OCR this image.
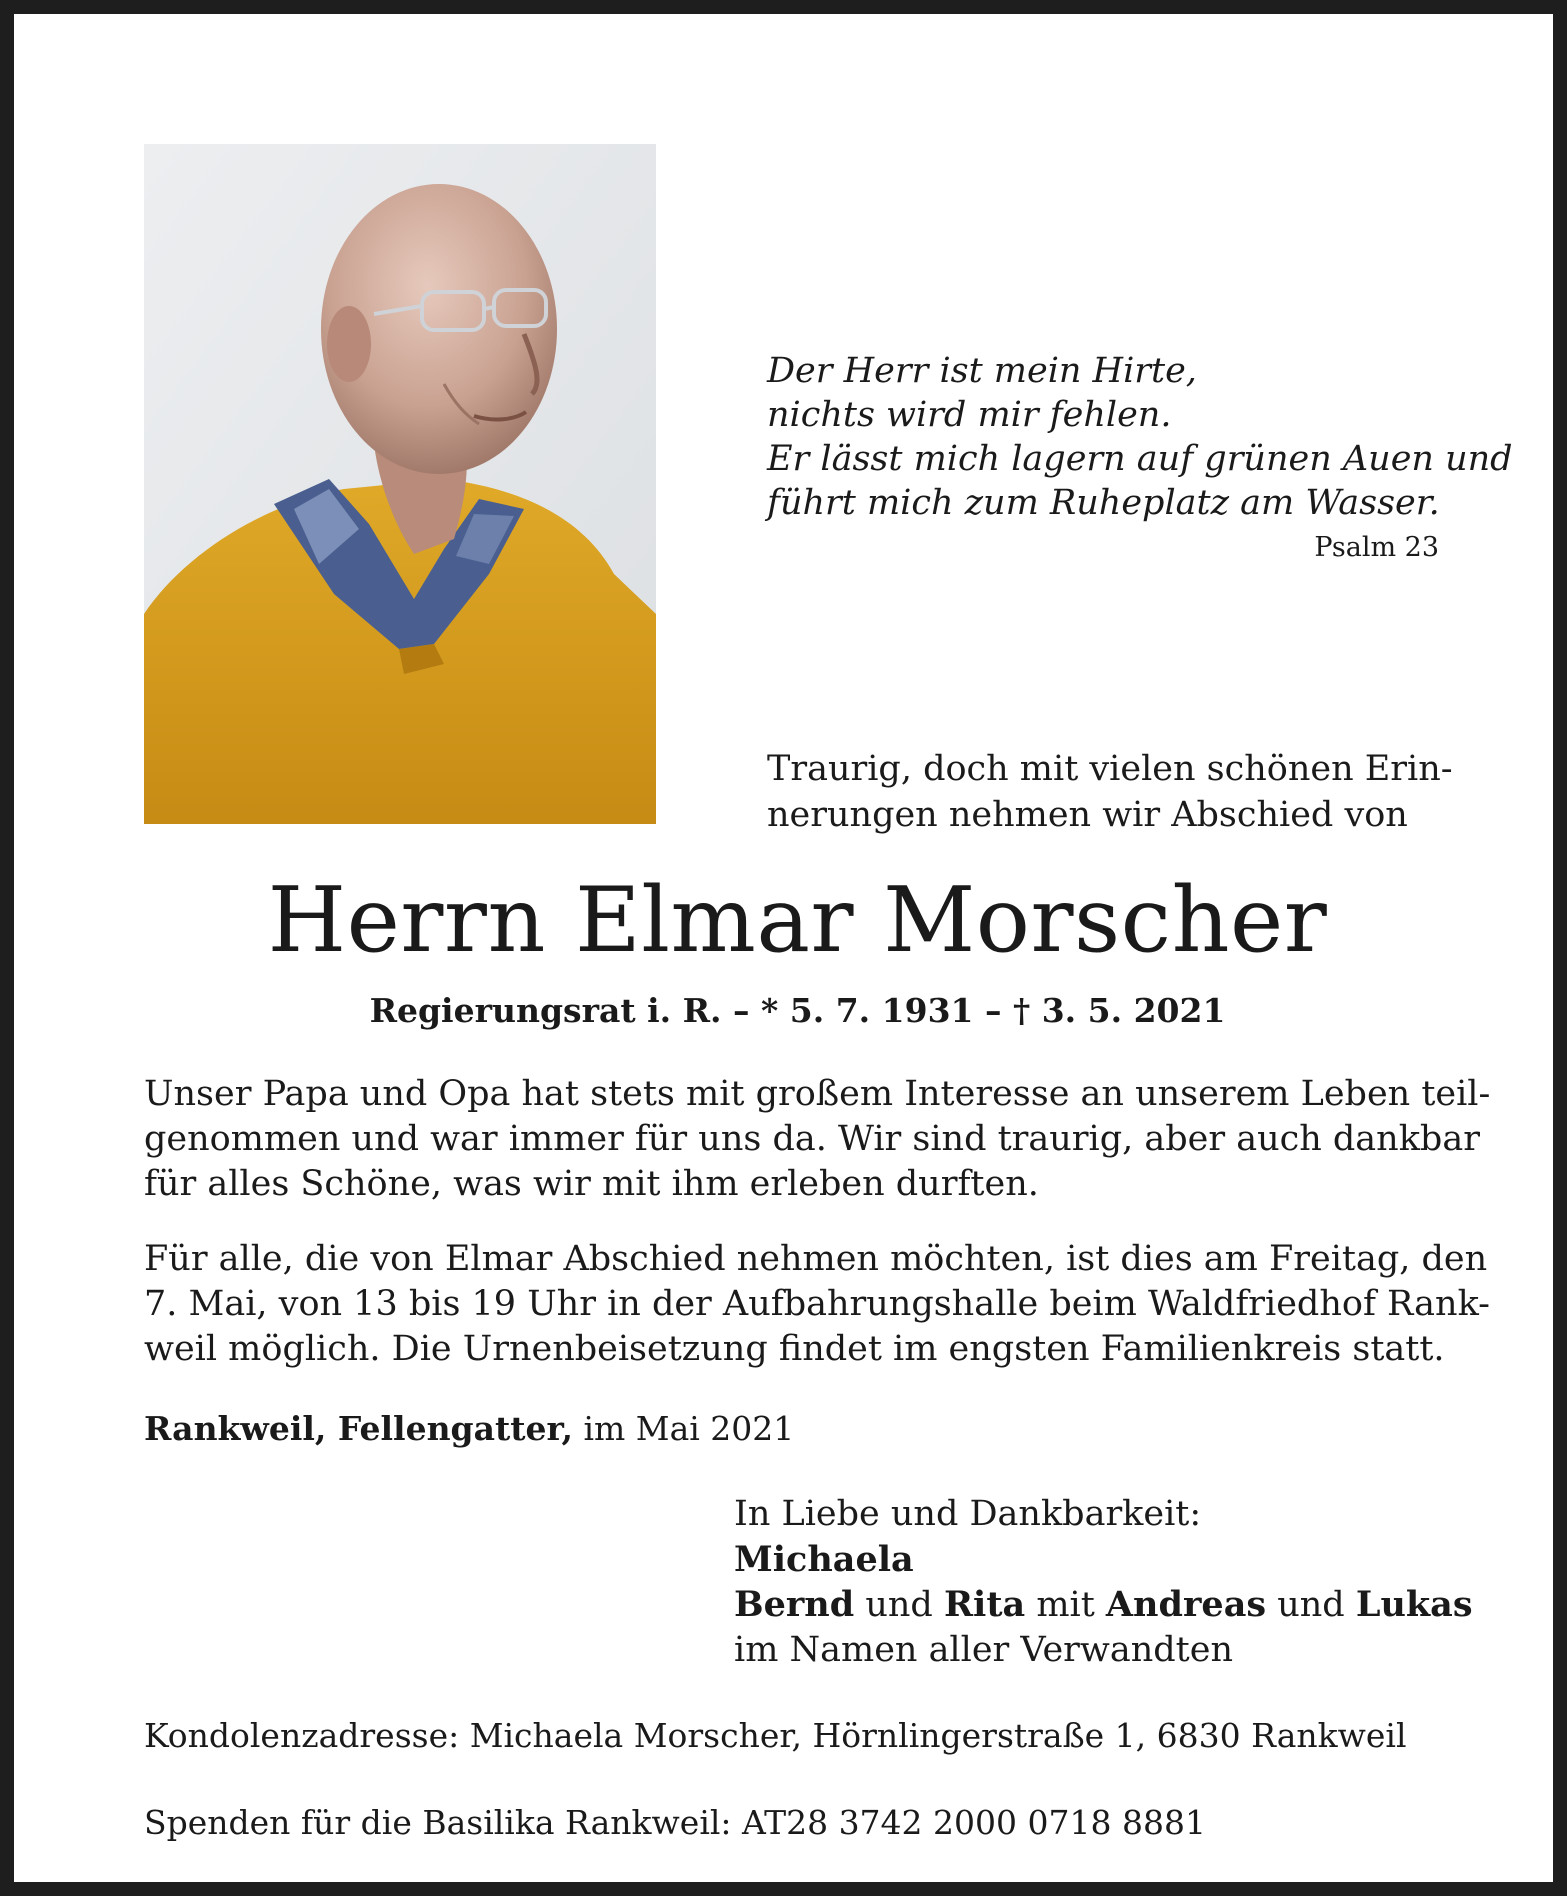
Der Herr ist mein Hirte,
nichts wird mir fehlen.
Er lässt mich lagern auf grünen Auen und
führt mich zum Ruheplatz am Wasser.
Psalm 23
Traurig, doch mit vielen schönen Erin-
nerungen nehmen wir Abschied von
Herrn Elmar Morscher
Regierungsrat i. R. – * 5. 7. 1931 – † 3. 5. 2021
Unser Papa und Opa hat stets mit großem Interesse an unserem Leben teil-
genommen und war immer für uns da. Wir sind traurig, aber auch dankbar
für alles Schöne, was wir mit ihm erleben durften.
Für alle, die von Elmar Abschied nehmen möchten, ist dies am Freitag, den
7. Mai, von 13 bis 19 Uhr in der Aufbahrungshalle beim Waldfriedhof Rank-
weil möglich. Die Urnenbeisetzung findet im engsten Familienkreis statt.
Rankweil, Fellengatter, im Mai 2021
In Liebe und Dankbarkeit:
Michaela
Bernd und Rita mit Andreas und Lukas
im Namen aller Verwandten
Kondolenzadresse: Michaela Morscher, Hörnlingerstraße 1, 6830 Rankweil
Spenden für die Basilika Rankweil: AT28 3742 2000 0718 8881
